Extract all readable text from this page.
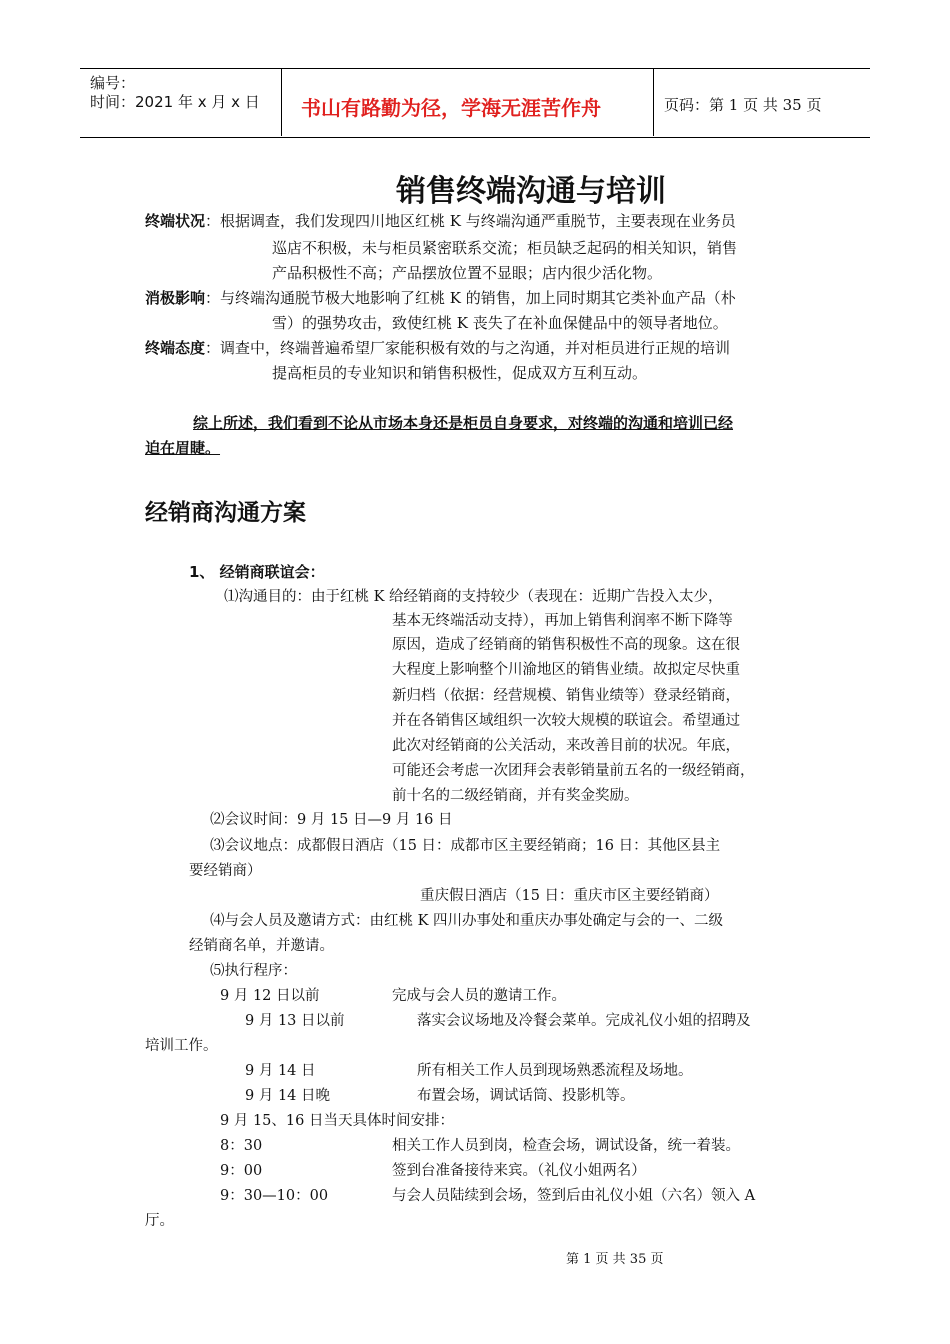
编号：
时间：2021 年 x 月 x 日 书山有路勤为径，学海无涯苦作舟	页码：第 1 页 共 35 页
销售终端沟通与培训
终端状况：根据调查，我们发现四川地区红桃 K 与终端沟通严重脱节，主要表现在业务员
巡店不积极，未与柜员紧密联系交流；柜员缺乏起码的相关知识，销售
产品积极性不高；产品摆放位置不显眼；店内很少活化物。
消极影响：与终端沟通脱节极大地影响了红桃 K 的销售，加上同时期其它类补血产品（朴
雪）的强势攻击，致使红桃 K 丧失了在补血保健品中的领导者地位。
终端态度：调查中，终端普遍希望厂家能积极有效的与之沟通，并对柜员进行正规的培训
提高柜员的专业知识和销售积极性，促成双方互利互动。
综上所述，我们看到不论从市场本身还是柜员自身要求，对终端的沟通和培训已经
迫在眉睫。
经销商沟通方案
1、 经销商联谊会：
⑴沟通目的：由于红桃 K 给经销商的支持较少（表现在：近期广告投入太少，
基本无终端活动支持），再加上销售利润率不断下降等
原因，造成了经销商的销售积极性不高的现象。这在很
大程度上影响整个川渝地区的销售业绩。故拟定尽快重
新归档（依据：经营规模、销售业绩等）登录经销商，
并在各销售区域组织一次较大规模的联谊会。希望通过
此次对经销商的公关活动，来改善目前的状况。年底，
可能还会考虑一次团拜会表彰销量前五名的一级经销商，
前十名的二级经销商，并有奖金奖励。
⑵会议时间：9 月 15 日—9 月 16 日
⑶会议地点：成都假日酒店（15 日：成都市区主要经销商；16 日：其他区县主
要经销商）
重庆假日酒店（15 日：重庆市区主要经销商）
⑷与会人员及邀请方式：由红桃 K 四川办事处和重庆办事处确定与会的一、二级
经销商名单，并邀请。
⑸执行程序：
9 月 12 日以前	完成与会人员的邀请工作。
9 月 13 日以前	落实会议场地及冷餐会菜单。完成礼仪小姐的招聘及
培训工作。
9 月 14 日	所有相关工作人员到现场熟悉流程及场地。
9 月 14 日晚	布置会场，调试话筒、投影机等。
9 月 15、16 日当天具体时间安排：
8：30	相关工作人员到岗，检查会场，调试设备，统一着装。
9：00	签到台准备接待来宾。（礼仪小姐两名）
9：30—10：00	与会人员陆续到会场，签到后由礼仪小姐（六名）领入 A
厅。
第 1 页 共 35 页
